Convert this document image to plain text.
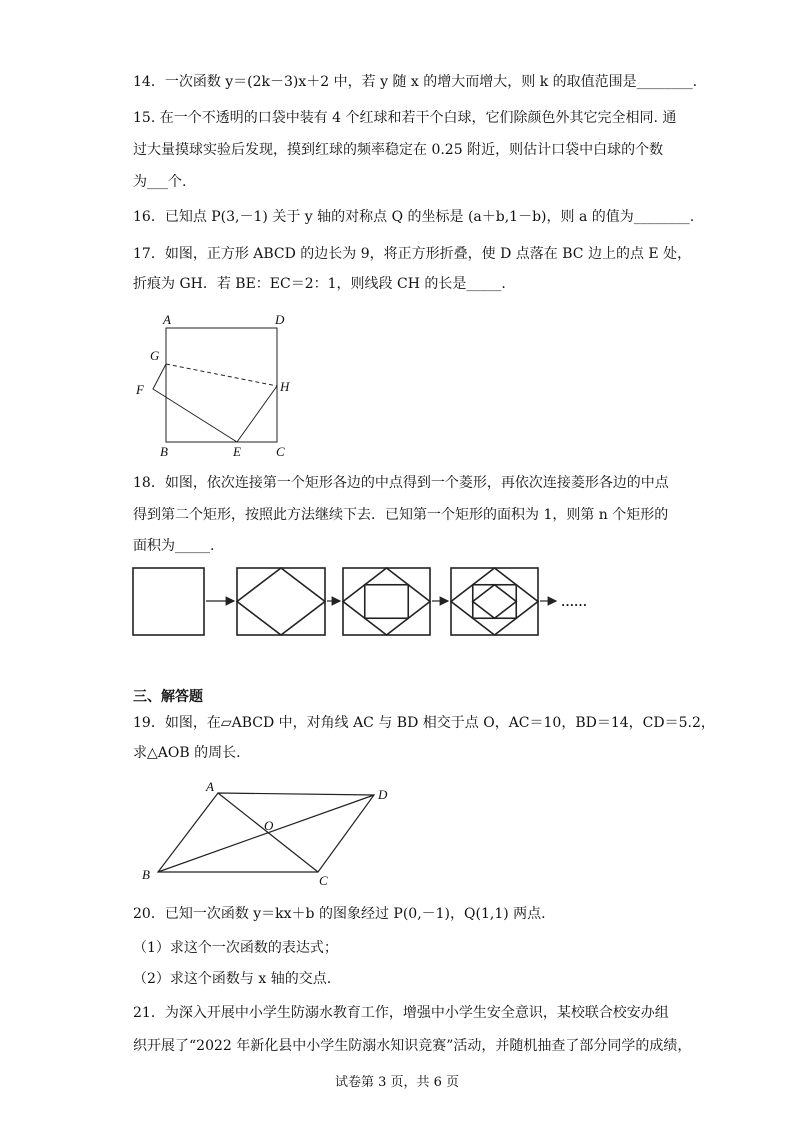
14．一次函数 y＝(2k－3)x＋2 中，若 y 随 x 的增大而增大，则 k 的取值范围是________.
15. 在一个不透明的口袋中装有 4 个红球和若干个白球，它们除颜色外其它完全相同. 通
过大量摸球实验后发现，摸到红球的频率稳定在 0.25 附近，则估计口袋中白球的个数
为___个.
16．已知点 P(3,－1) 关于 y 轴的对称点 Q 的坐标是 (a＋b,1－b)，则 a 的值为________.
17．如图，正方形 ABCD 的边长为 9，将正方形折叠，使 D 点落在 BC 边上的点 E 处，
折痕为 GH．若 BE：EC＝2：1，则线段 CH 的长是_____.
A	D
G
F	H
B	E	C
18．如图，依次连接第一个矩形各边的中点得到一个菱形，再依次连接菱形各边的中点
得到第二个矩形，按照此方法继续下去．已知第一个矩形的面积为 1，则第 n 个矩形的
面积为_____.
……
三、解答题
19．如图，在▱ABCD 中，对角线 AC 与 BD 相交于点 O，AC＝10，BD＝14，CD＝5.2，
求△AOB 的周长.
A
D
O
B	C
20．已知一次函数 y＝kx＋b 的图象经过 P(0,－1)，Q(1,1) 两点.
（1）求这个一次函数的表达式；
（2）求这个函数与 x 轴的交点.
21．为深入开展中小学生防溺水教育工作，增强中小学生安全意识，某校联合校安办组
织开展了“2022 年新化县中小学生防溺水知识竞赛”活动，并随机抽查了部分同学的成绩，
试卷第 3 页，共 6 页
